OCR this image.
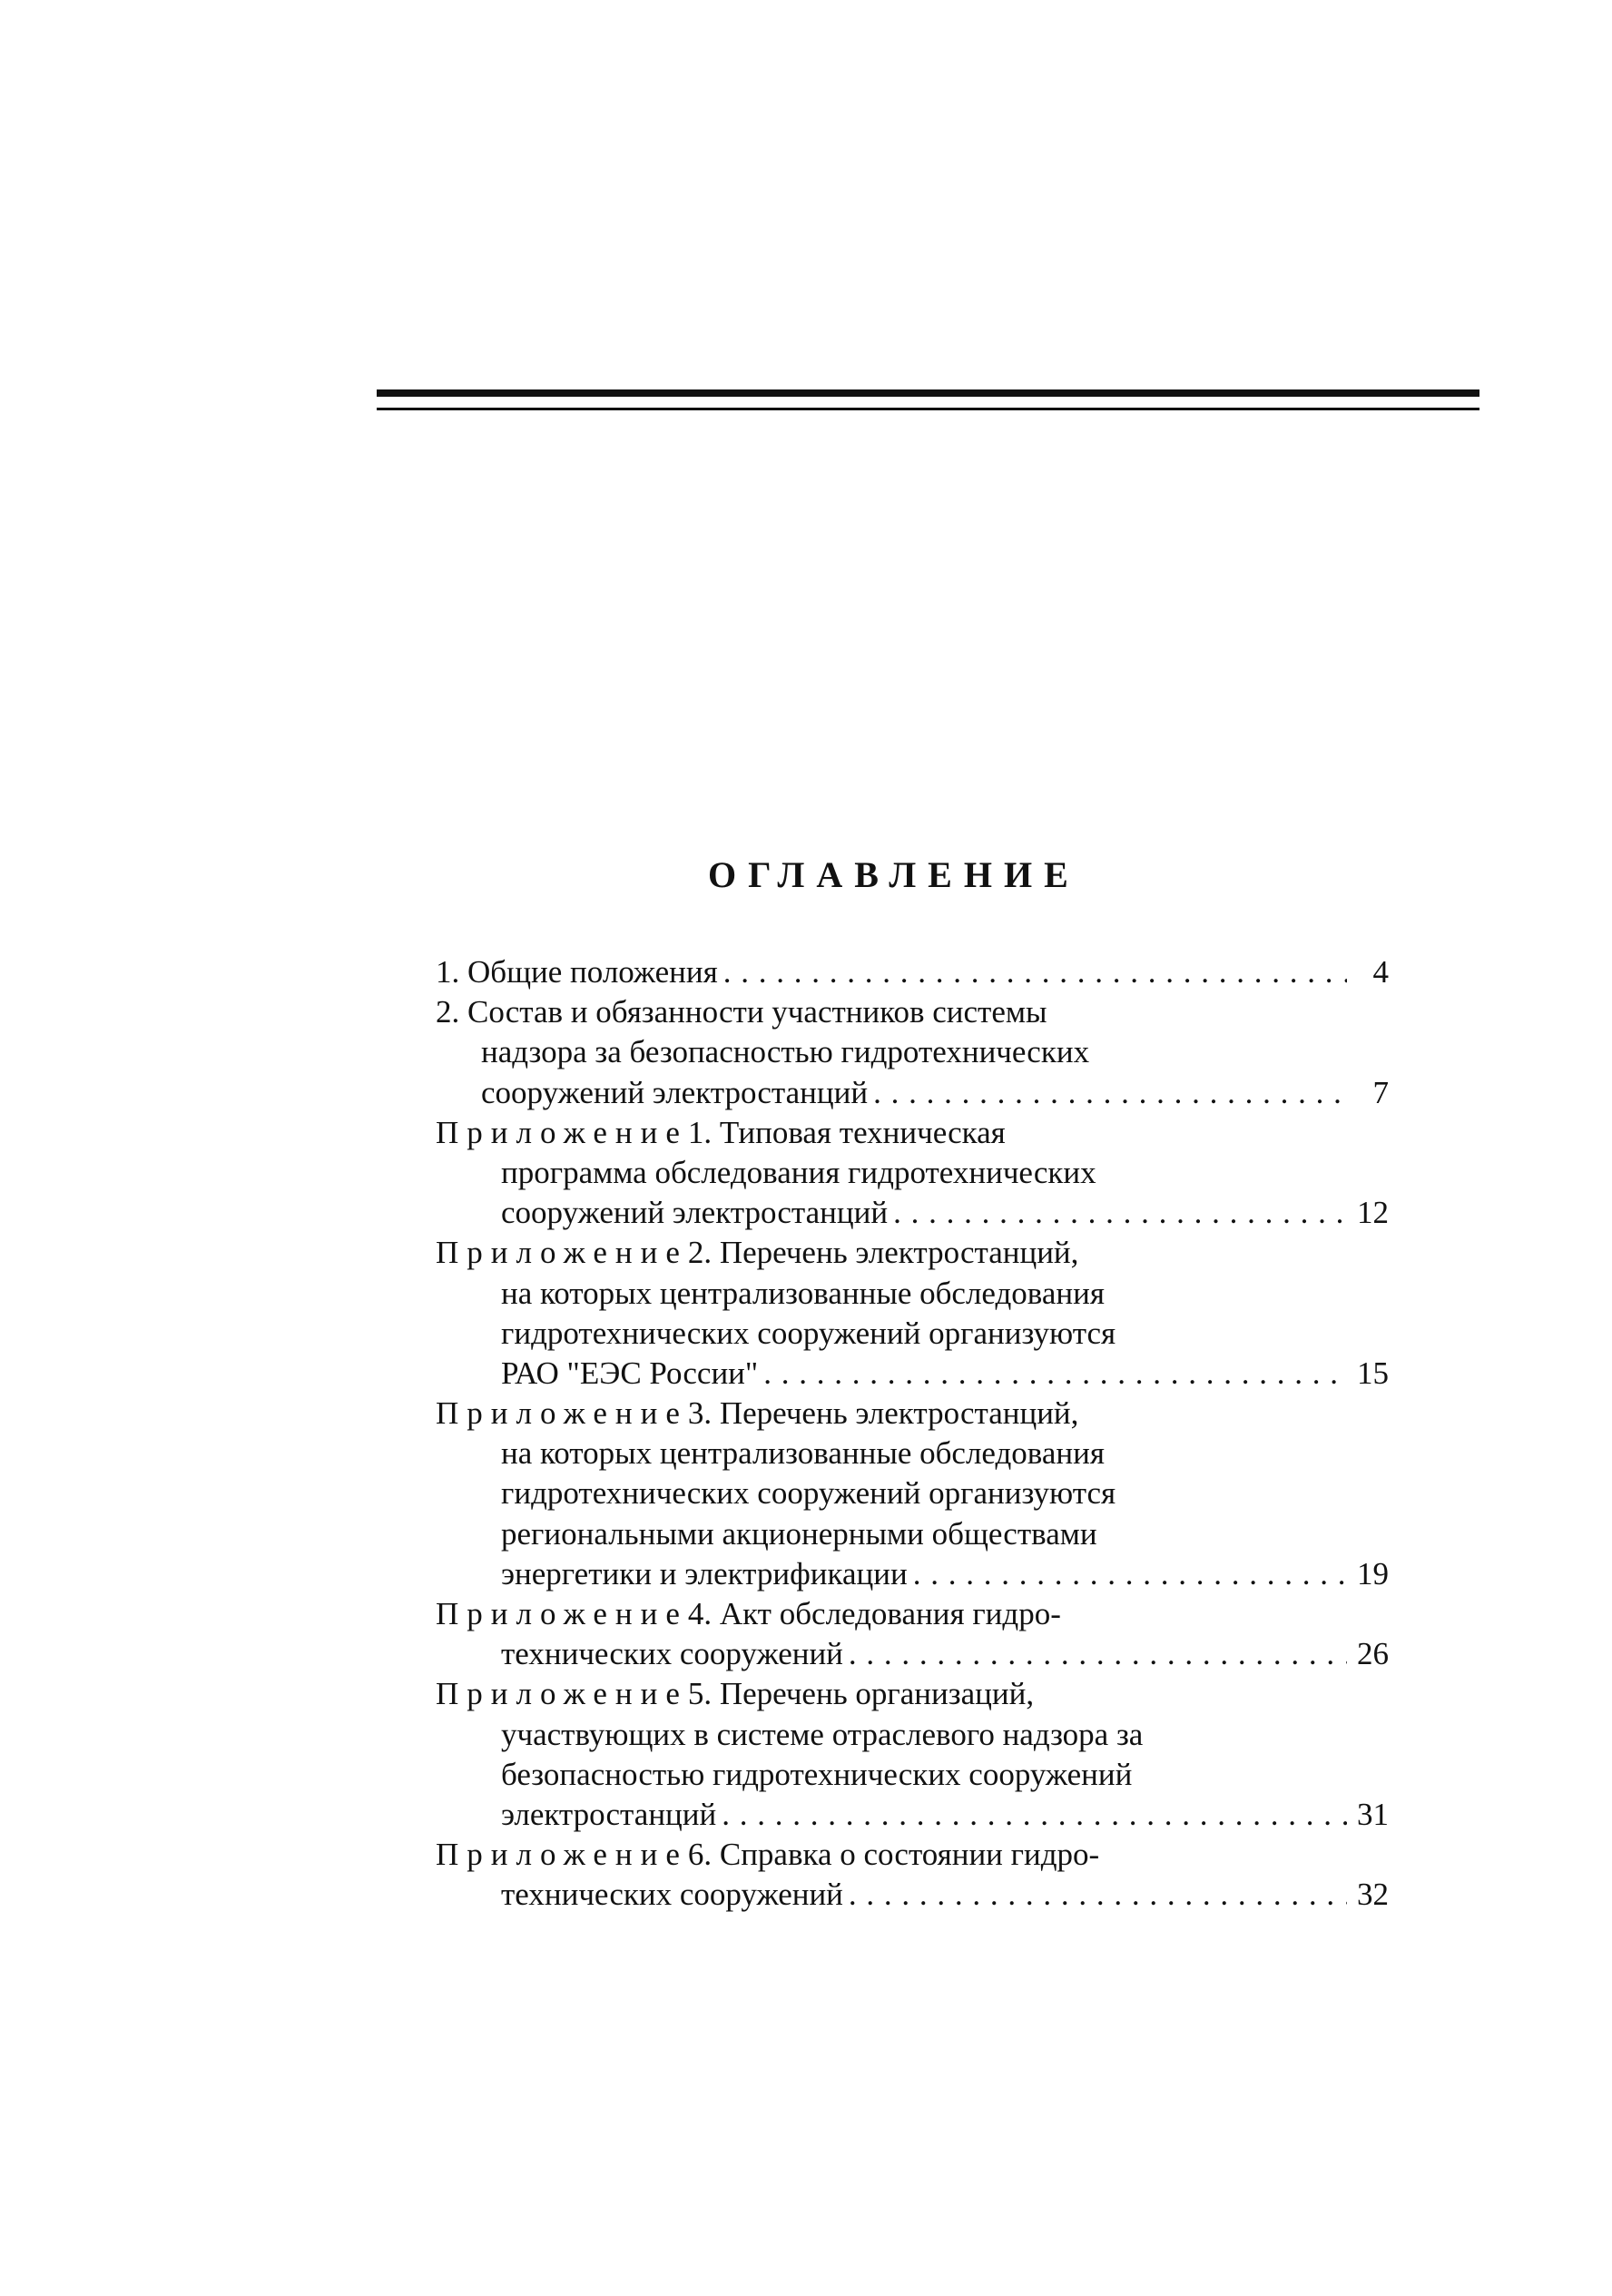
ОГЛАВЛЕНИЕ
1. Общие положения . . .	4
2. Состав и обязанности участников системы
надзора за безопасностью гидротехнических
сооружений электростанций . . .	7
Приложение 1. Типовая техническая
программа обследования гидротехнических
сооружений электростанций . . .	12
Приложение 2. Перечень электростанций,
на которых централизованные обследования
гидротехнических сооружений организуются
РАО "ЕЭС России" . . .	15
Приложение 3. Перечень электростанций,
на которых централизованные обследования
гидротехнических сооружений организуются
региональными акционерными обществами
энергетики и электрификации . . .	19
Приложение 4. Акт обследования гидро-
технических сооружений . . .	26
Приложение 5. Перечень организаций,
участвующих в системе отраслевого надзора за
безопасностью гидротехнических сооружений
электростанций . . .	31
Приложение 6. Справка о состоянии гидро-
технических сооружений . . .	32
